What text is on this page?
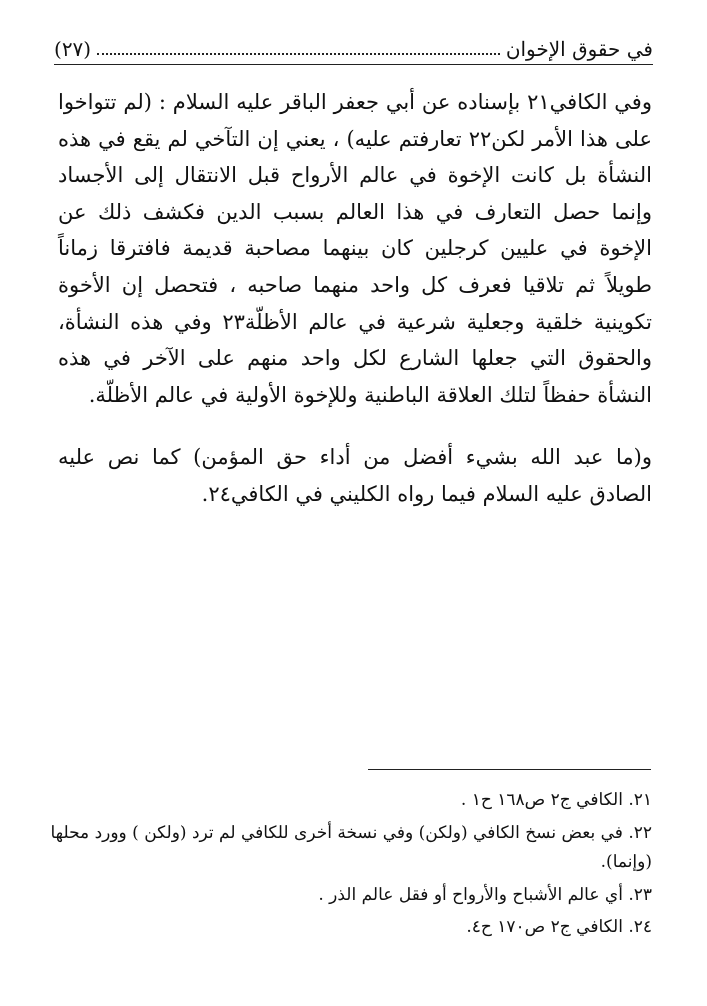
في حقوق الإخوان
(٢٧)

وفي الكافي٢١ بإسناده عن أبي جعفر الباقر عليه السلام : (لم تتواخوا على هذا الأمر لكن٢٢ تعارفتم عليه) ، يعني إن التآخي لم يقع في هذه النشأة بل كانت الإخوة في عالم الأرواح قبل الانتقال إلى الأجساد وإنما حصل التعارف في هذا العالم بسبب الدين فكشف ذلك عن الإخوة في عليين كرجلين كان بينهما مصاحبة قديمة فافترقا زماناً طويلاً ثم تلاقيا فعرف كل واحد منهما صاحبه ، فتحصل إن الأخوة تكوينية خلقية وجعلية شرعية في عالم الأظلّة٢٣ وفي هذه النشأة، والحقوق التي جعلها الشارع لكل واحد منهم على الآخر في هذه النشأة حفظاً لتلك العلاقة الباطنية وللإخوة الأولية في عالم الأظلّة.

و(ما عبد الله بشيء أفضل من أداء حق المؤمن) كما نص عليه الصادق عليه السلام فيما رواه الكليني في الكافي٢٤.

٢١. الكافي ج٢ ص١٦٨ ح١ .
٢٢. في بعض نسخ الكافي (ولكن) وفي نسخة أخرى للكافي لم ترد (ولكن ) وورد محلها (وإنما).
٢٣. أي عالم الأشباح والأرواح أو فقل عالم الذر .
٢٤. الكافي ج٢ ص١٧٠ ح٤.
